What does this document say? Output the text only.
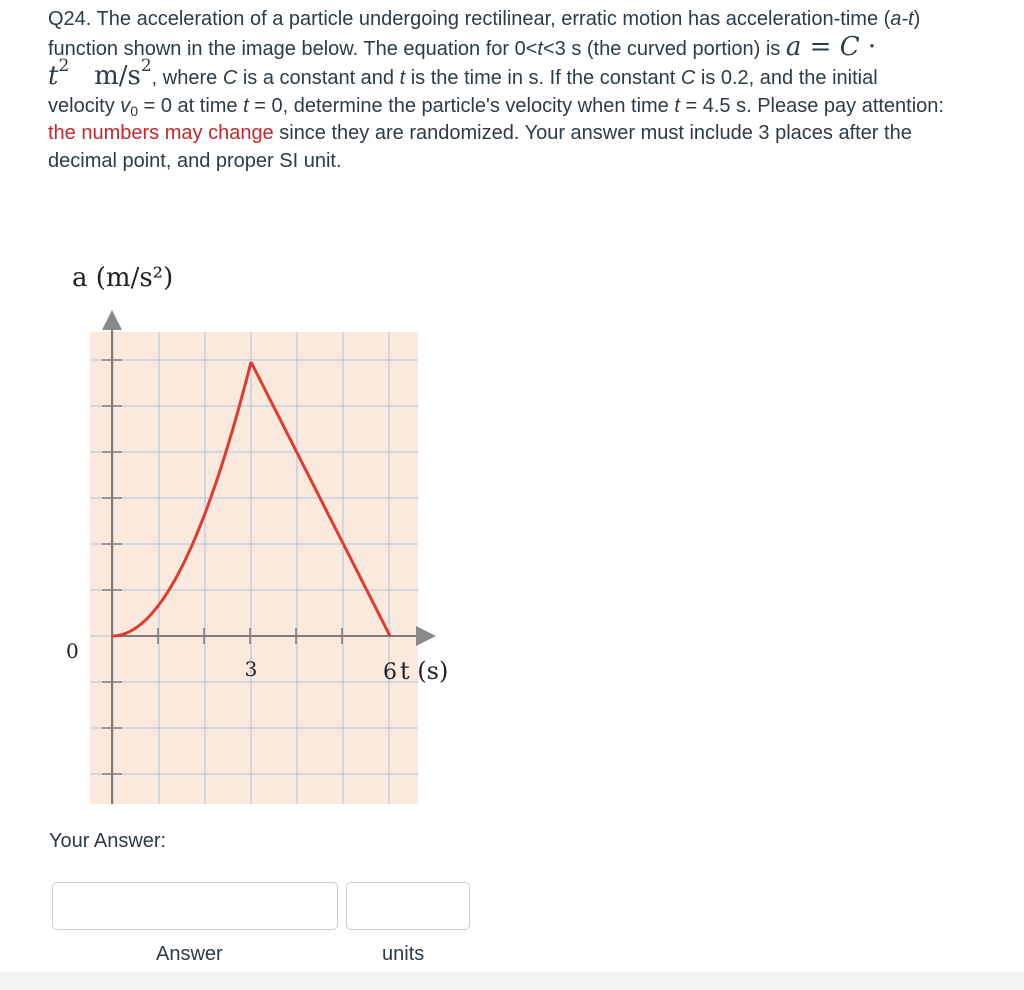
Q24. The acceleration of a particle undergoing rectilinear, erratic motion has acceleration-time (a-t) function shown in the image below. The equation for 0<t<3 s (the curved portion) is $a = C \cdot t^2$ $m/s^2$, where C is a constant and t is the time in s. If the constant C is 0.2, and the initial velocity $v_0 = 0$ at time t = 0, determine the particle's velocity when time t = 4.5 s. Please pay attention: the numbers may change since they are randomized. Your answer must include 3 places after the decimal point, and proper SI unit.
a (m/s²)
0
3	6 t (s)
Your Answer:
Answer	units
